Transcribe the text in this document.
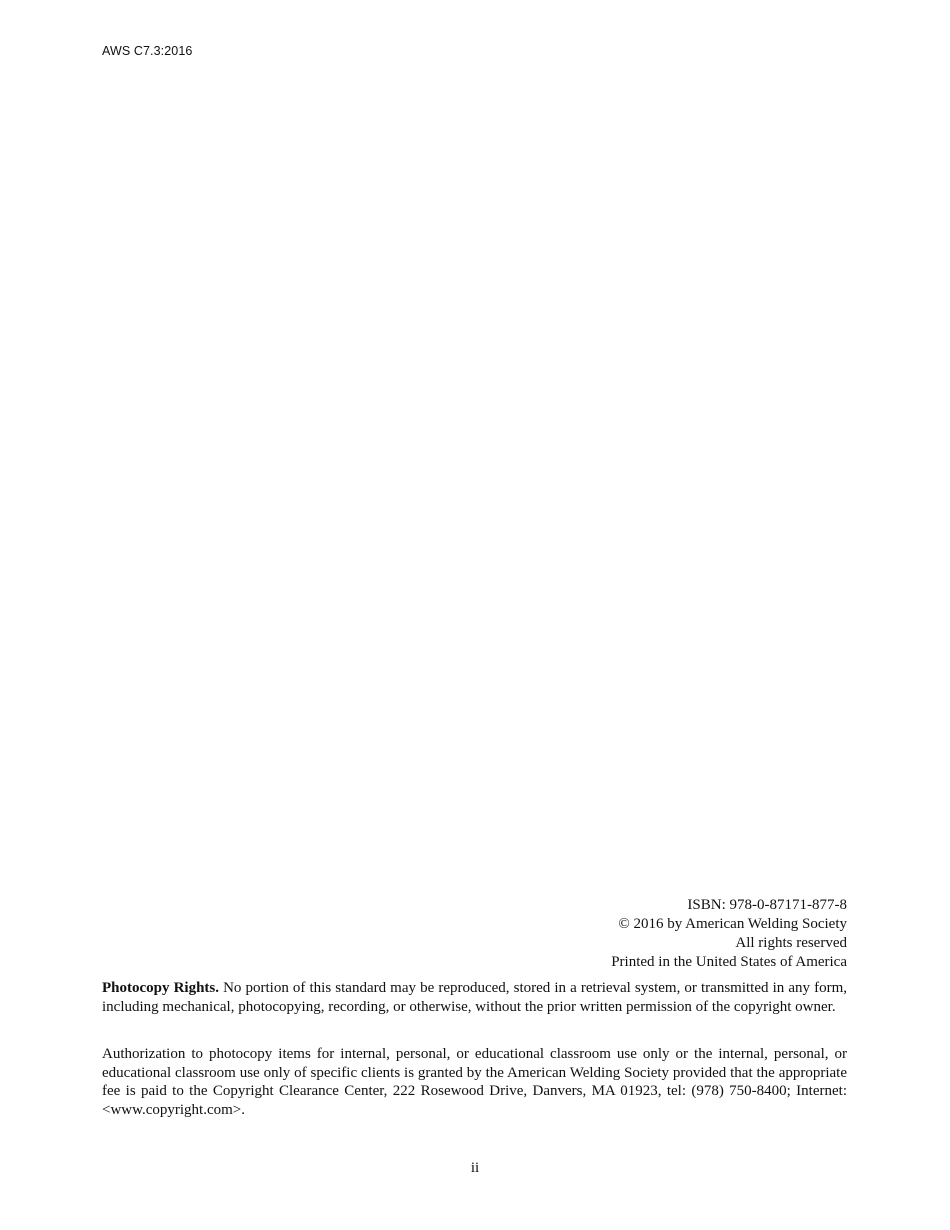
AWS C7.3:2016
ISBN: 978-0-87171-877-8
© 2016 by American Welding Society
All rights reserved
Printed in the United States of America
Photocopy Rights. No portion of this standard may be reproduced, stored in a retrieval system, or transmitted in any form, including mechanical, photocopying, recording, or otherwise, without the prior written permission of the copyright owner.
Authorization to photocopy items for internal, personal, or educational classroom use only or the internal, personal, or educational classroom use only of specific clients is granted by the American Welding Society provided that the appropriate fee is paid to the Copyright Clearance Center, 222 Rosewood Drive, Danvers, MA 01923, tel: (978) 750-8400; Internet: <www.copyright.com>.
ii
